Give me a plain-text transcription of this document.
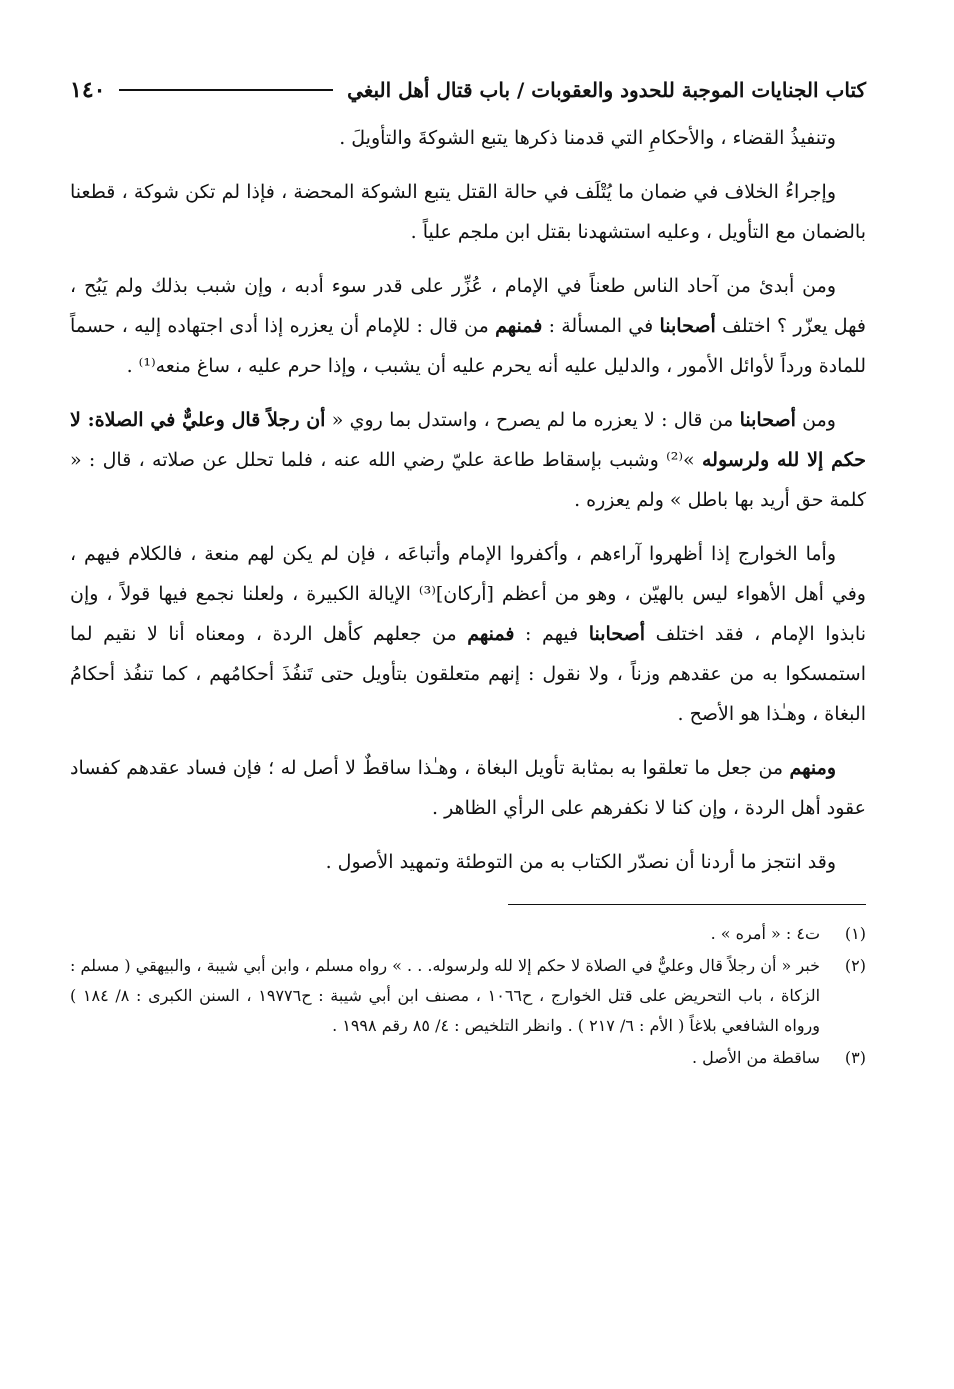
كتاب الجنايات الموجبة للحدود والعقوبات / باب قتال أهل البغي
١٤٠

وتنفيذُ القضاء ، والأحكامِ التي قدمنا ذكرها يتبع الشوكةَ والتأويلَ .

وإجراءُ الخلاف في ضمان ما يُتْلَف في حالة القتل يتبع الشوكة المحضة ، فإذا لم تكن شوكة ، قطعنا بالضمان مع التأويل ، وعليه استشهدنا بقتل ابن ملجم علياً .

ومن أبدئ من آحاد الناس طعناً في الإمام ، عُزِّر على قدر سوء أدبه ، وإن شبب بذلك ولم يَبُح ، فهل يعزّر ؟ اختلف أصحابنا في المسألة : فمنهم من قال : للإمام أن يعزره إذا أدى اجتهاده إليه ، حسماً للمادة ورداً لأوائل الأمور ، والدليل عليه أنه يحرم عليه أن يشبب ، وإذا حرم عليه ، ساغ منعه⁽¹⁾ .

ومن أصحابنا من قال : لا يعزره ما لم يصرح ، واستدل بما روي « أن رجلاً قال وعليٌّ في الصلاة: لا حكم إلا لله ولرسوله »⁽²⁾ وشبب بإسقاط طاعة عليّ رضي الله عنه ، فلما تحلل عن صلاته ، قال : « كلمة حق أريد بها باطل » ولم يعزره .

وأما الخوارج إذا أظهروا آراءهم ، وأكفروا الإمام وأتباعَه ، فإن لم يكن لهم منعة ، فالكلام فيهم ، وفي أهل الأهواء ليس بالهيّن ، وهو من أعظم [أركان]⁽³⁾ الإيالة الكبيرة ، ولعلنا نجمع فيها قولاً ، وإن نابذوا الإمام ، فقد اختلف أصحابنا فيهم : فمنهم من جعلهم كأهل الردة ، ومعناه أنا لا نقيم لما استمسكوا به من عقدهم وزناً ، ولا نقول : إنهم متعلقون بتأويل حتى تَنفُذَ أحكامُهم ، كما تنفُذ أحكامُ البغاة ، وهـٰذا هو الأصح .

ومنهم من جعل ما تعلقوا به بمثابة تأويل البغاة ، وهـٰذا ساقطٌ لا أصل له ؛ فإن فساد عقدهم كفساد عقود أهل الردة ، وإن كنا لا نكفرهم على الرأي الظاهر .

وقد انتجز ما أردنا أن نصدّر الكتاب به من التوطئة وتمهيد الأصول .

(١)
ت٤ : « أمره » .
(٢)
خبر « أن رجلاً قال وعليٌّ في الصلاة لا حكم إلا لله ولرسوله. . . » رواه مسلم ، وابن أبي شيبة ، والبيهقي ( مسلم : الزكاة ، باب التحريض على قتل الخوارج ، ح١٠٦٦ ، مصنف ابن أبي شيبة : ح١٩٧٧٦ ، السنن الكبرى : ٨/ ١٨٤ ) ورواه الشافعي بلاغاً ( الأم : ٦/ ٢١٧ ) . وانظر التلخيص : ٤/ ٨٥ رقم ١٩٩٨ .
(٣)
ساقطة من الأصل .
